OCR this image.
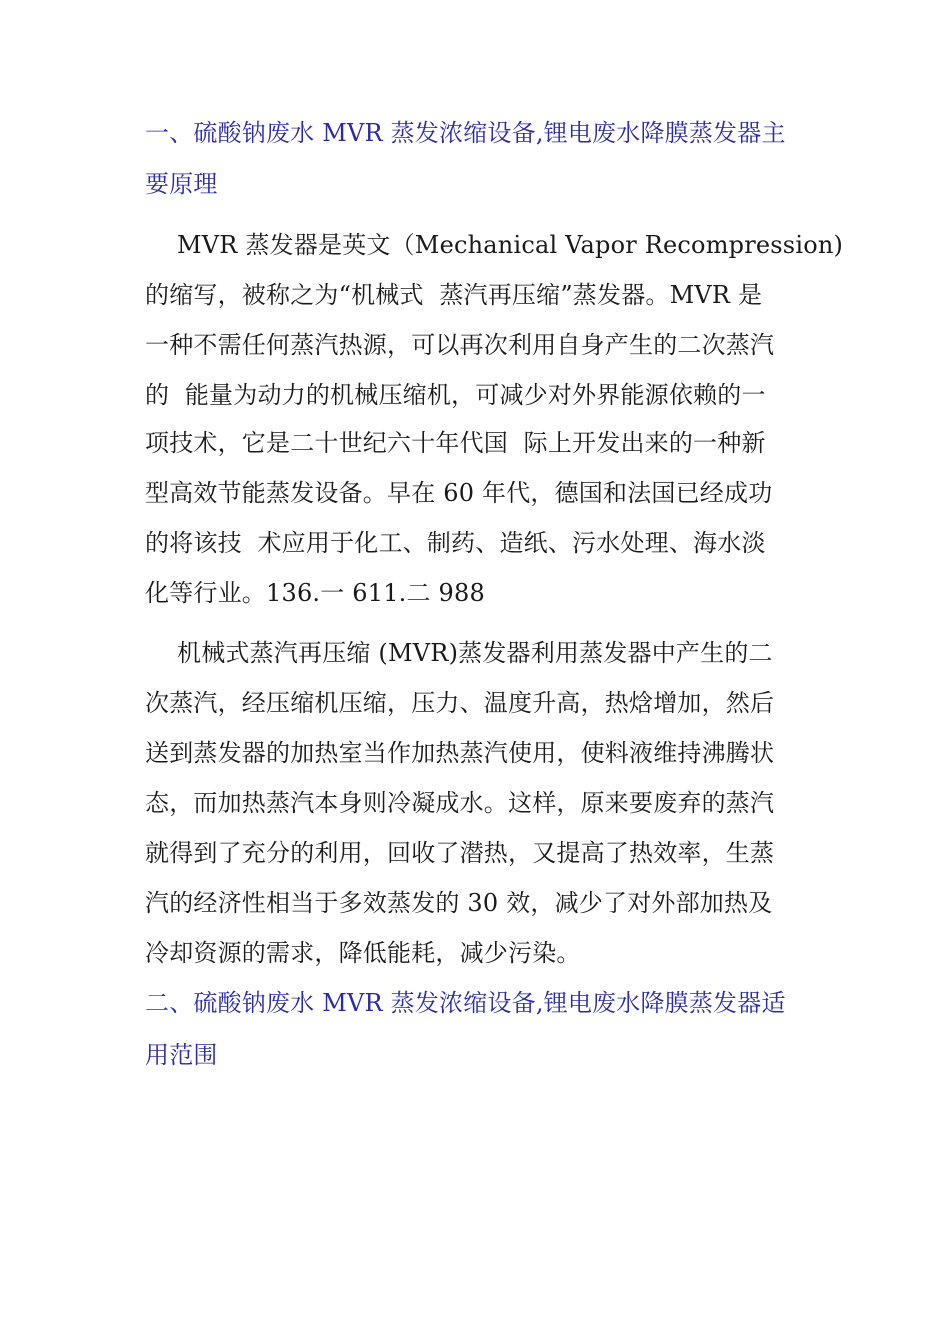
一、硫酸钠废水 MVR 蒸发浓缩设备,锂电废水降膜蒸发器主
要原理
MVR 蒸发器是英文（Mechanical Vapor Recompression)
的缩写，被称之为“机械式  蒸汽再压缩”蒸发器。MVR 是
一种不需任何蒸汽热源，可以再次利用自身产生的二次蒸汽
的  能量为动力的机械压缩机，可减少对外界能源依赖的一
项技术，它是二十世纪六十年代国  际上开发出来的一种新
型高效节能蒸发设备。早在 60 年代，德国和法国已经成功
的将该技  术应用于化工、制药、造纸、污水处理、海水淡
化等行业。136.一 611.二 988
机械式蒸汽再压缩 (MVR)蒸发器利用蒸发器中产生的二
次蒸汽，经压缩机压缩，压力、温度升高，热焓增加，然后
送到蒸发器的加热室当作加热蒸汽使用，使料液维持沸腾状
态，而加热蒸汽本身则冷凝成水。这样，原来要废弃的蒸汽
就得到了充分的利用，回收了潜热，又提高了热效率，生蒸
汽的经济性相当于多效蒸发的 30 效，减少了对外部加热及
冷却资源的需求，降低能耗，减少污染。
二、硫酸钠废水 MVR 蒸发浓缩设备,锂电废水降膜蒸发器适
用范围
